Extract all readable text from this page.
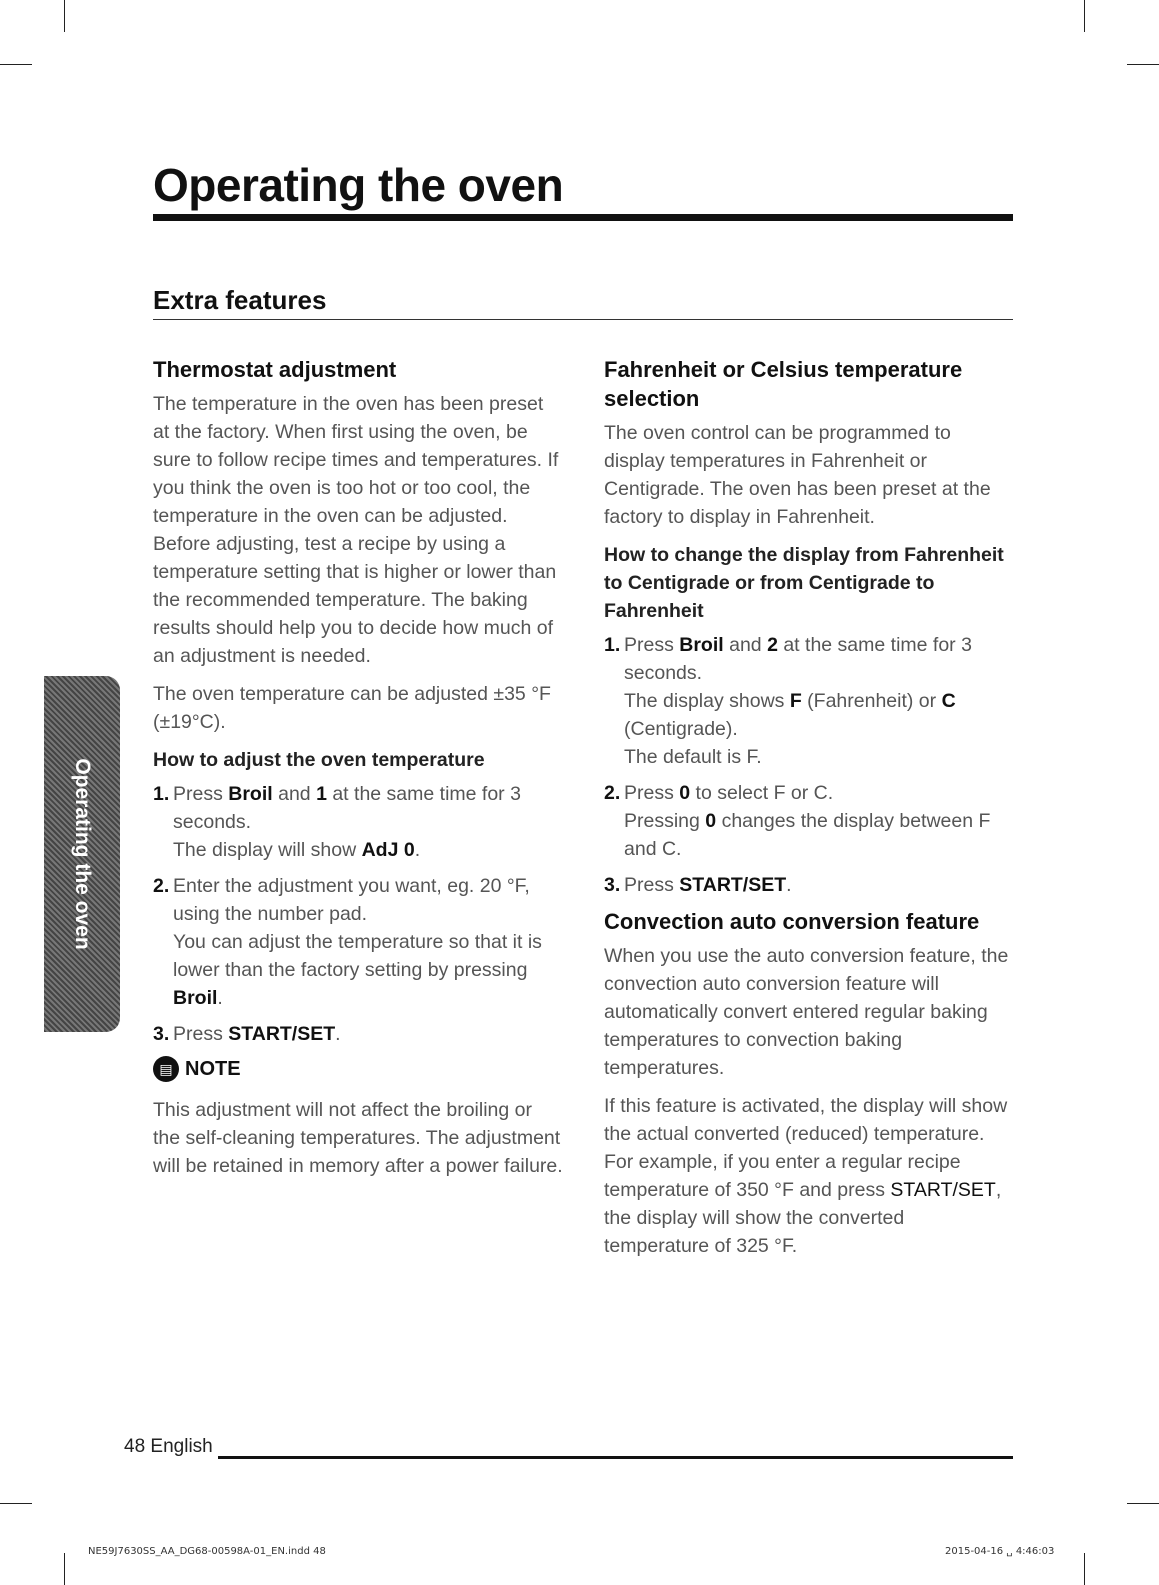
Operating the oven
Extra features
Operating the oven
Thermostat adjustment

The temperature in the oven has been preset at the factory. When first using the oven, be sure to follow recipe times and temperatures. If you think the oven is too hot or too cool, the temperature in the oven can be adjusted. Before adjusting, test a recipe by using a temperature setting that is higher or lower than the recommended temperature. The baking results should help you to decide how much of an adjustment is needed.

The oven temperature can be adjusted ±35 °F (±19°C).

How to adjust the oven temperature
1. Press Broil and 1 at the same time for 3 seconds.
The display will show AdJ 0.
2. Enter the adjustment you want, eg. 20 °F, using the number pad.
You can adjust the temperature so that it is lower than the factory setting by pressing Broil.
3. Press START/SET.
▤ NOTE

This adjustment will not affect the broiling or the self-cleaning temperatures. The adjustment will be retained in memory after a power failure.

Fahrenheit or Celsius temperature selection

The oven control can be programmed to display temperatures in Fahrenheit or Centigrade. The oven has been preset at the factory to display in Fahrenheit.

How to change the display from Fahrenheit to Centigrade or from Centigrade to Fahrenheit
1. Press Broil and 2 at the same time for 3 seconds.
The display shows F (Fahrenheit) or C (Centigrade).
The default is F.
2. Press 0 to select F or C.
Pressing 0 changes the display between F and C.
3. Press START/SET.
Convection auto conversion feature

When you use the auto conversion feature, the convection auto conversion feature will automatically convert entered regular baking temperatures to convection baking temperatures.

If this feature is activated, the display will show the actual converted (reduced) temperature. For example, if you enter a regular recipe temperature of 350 °F and press START/SET, the display will show the converted temperature of 325 °F.

48 English
NE59J7630SS_AA_DG68-00598A-01_EN.indd 48	2015-04-16 ␣ 4:46:03
